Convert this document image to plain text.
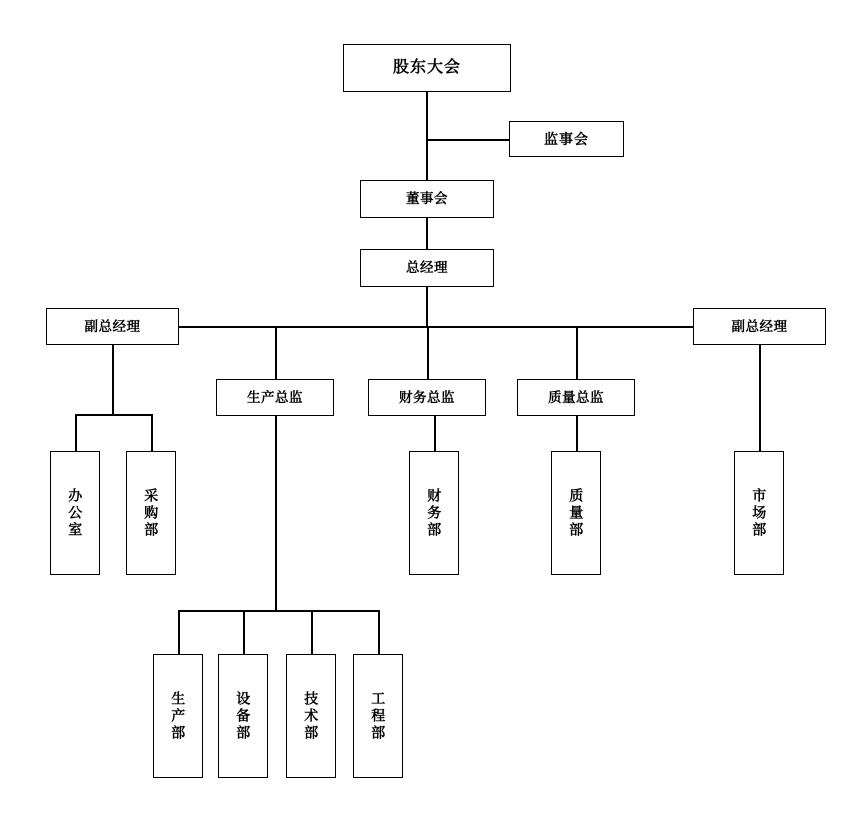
股东大会
监事会
董事会
总经理
副总经理	副总经理
生产总监	财务总监	质量总监
办公室	采购部	财务部	质量部	市场部
生产部	设备部	技术部	工程部
